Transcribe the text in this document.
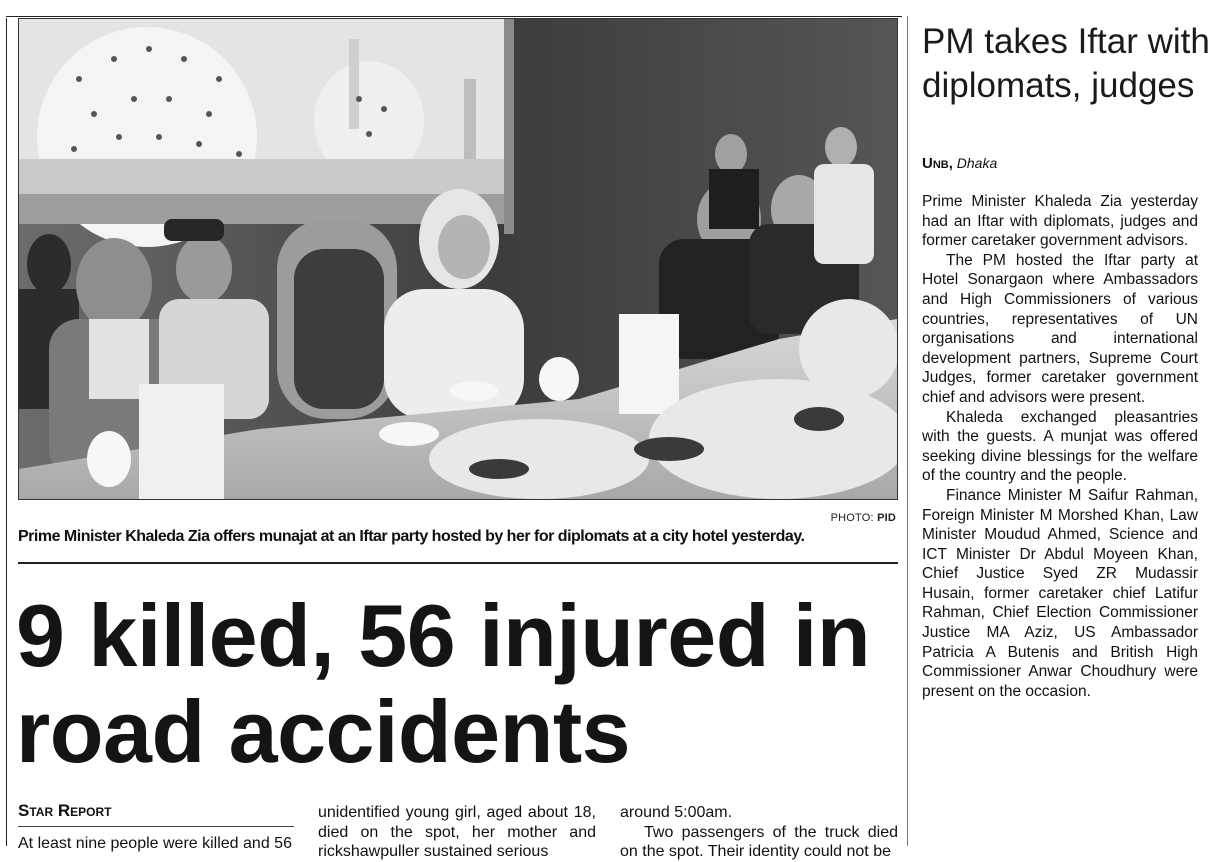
PHOTO: PID
Prime Minister Khaleda Zia offers munajat at an Iftar party hosted by her for diplomats at a city hotel yesterday.
9 killed, 56 injured in road accidents
Star Report
At least nine people were killed and 56
unidentified young girl, aged about 18, died on the spot, her mother and rickshawpuller sustained serious
around 5:00am.
Two passengers of the truck died on the spot. Their identity could not be
PM takes Iftar with diplomats, judges
Unb, Dhaka

Prime Minister Khaleda Zia yesterday had an Iftar with diplomats, judges and former caretaker government advisors.

The PM hosted the Iftar party at Hotel Sonargaon where Ambassadors and High Commissioners of various countries, representatives of UN organisations and international development partners, Supreme Court Judges, former caretaker government chief and advisors were present.

Khaleda exchanged pleasantries with the guests. A munjat was offered seeking divine blessings for the welfare of the country and the people.

Finance Minister M Saifur Rahman, Foreign Minister M Morshed Khan, Law Minister Moudud Ahmed, Science and ICT Minister Dr Abdul Moyeen Khan, Chief Justice Syed ZR Mudassir Husain, former caretaker chief Latifur Rahman, Chief Election Commissioner Justice MA Aziz, US Ambassador Patricia A Butenis and British High Commissioner Anwar Choudhury were present on the occasion.
